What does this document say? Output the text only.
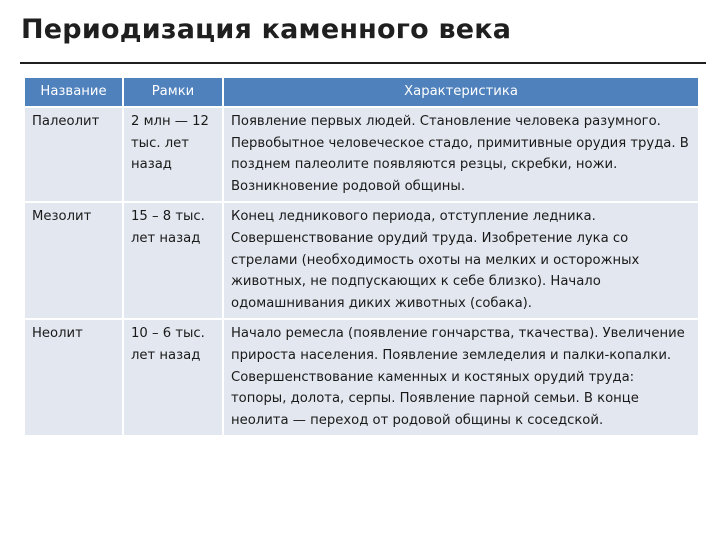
Периодизация каменного века
Название	Рамки	Характеристика
Палеолит	2 млн — 12 тыс. лет назад	Появление первых людей. Становление человека разумного. Первобытное человеческое стадо, примитивные орудия труда. В позднем палеолите появляются резцы, скребки, ножи. Возникновение родовой общины.
Мезолит	15 – 8 тыс. лет назад	Конец ледникового периода, отступление ледника. Совершенствование орудий труда. Изобретение лука со стрелами (необходимость охоты на мелких и осторожных животных, не подпускающих к себе близко). Начало одомашнивания диких животных (собака).
Неолит	10 – 6 тыс. лет назад	Начало ремесла (появление гончарства, ткачества). Увеличение прироста населения. Появление земледелия и палки-копалки. Совершенствование каменных и костяных орудий труда: топоры, долота, серпы. Появление парной семьи. В конце неолита — переход от родовой общины к соседской.
